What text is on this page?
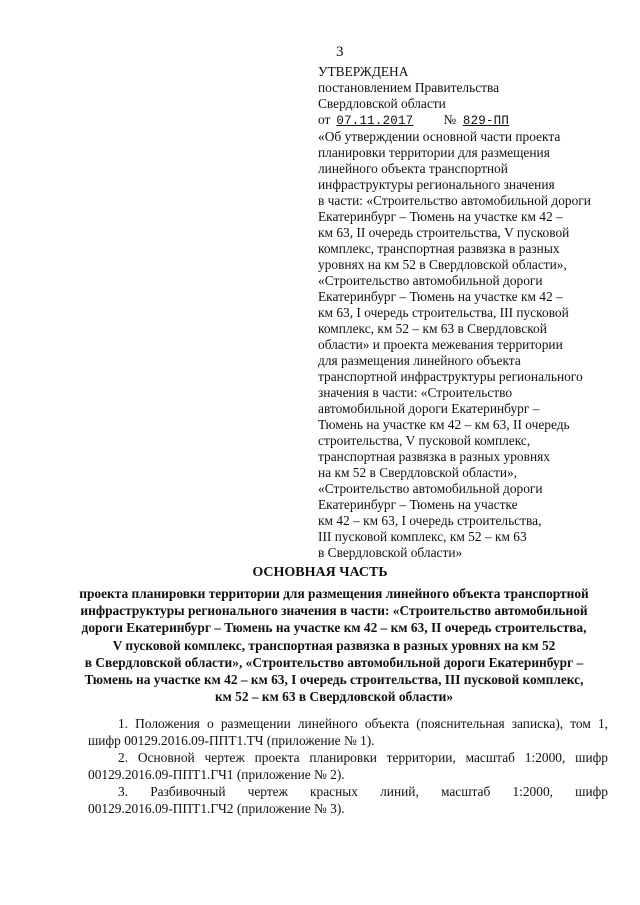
3
УТВЕРЖДЕНА
постановлением Правительства
Свердловской области
от 07.11.2017 № 829-ПП
«Об утверждении основной части проекта
планировки территории для размещения
линейного объекта транспортной
инфраструктуры регионального значения
в части: «Строительство автомобильной дороги
Екатеринбург – Тюмень на участке км 42 –
км 63, II очередь строительства, V пусковой
комплекс, транспортная развязка в разных
уровнях на км 52 в Свердловской области»,
«Строительство автомобильной дороги
Екатеринбург – Тюмень на участке км 42 –
км 63, I очередь строительства, III пусковой
комплекс, км 52 – км 63 в Свердловской
области» и проекта межевания территории
для размещения линейного объекта
транспортной инфраструктуры регионального
значения в части: «Строительство
автомобильной дороги Екатеринбург –
Тюмень на участке км 42 – км 63, II очередь
строительства, V пусковой комплекс,
транспортная развязка в разных уровнях
на км 52 в Свердловской области»,
«Строительство автомобильной дороги
Екатеринбург – Тюмень на участке
км 42 – км 63, I очередь строительства,
III пусковой комплекс, км 52 – км 63
в Свердловской области»
ОСНОВНАЯ ЧАСТЬ
проекта планировки территории для размещения линейного объекта транспортной
инфраструктуры регионального значения в части: «Строительство автомобильной
дороги Екатеринбург – Тюмень на участке км 42 – км 63, II очередь строительства,
V пусковой комплекс, транспортная развязка в разных уровнях на км 52
в Свердловской области», «Строительство автомобильной дороги Екатеринбург –
Тюмень на участке км 42 – км 63, I очередь строительства, III пусковой комплекс,
км 52 – км 63 в Свердловской области»
1. Положения о размещении линейного объекта (пояснительная записка), том 1,
шифр 00129.2016.09-ППТ1.ТЧ (приложение № 1).
2. Основной чертеж проекта планировки территории, масштаб 1:2000, шифр
00129.2016.09-ППТ1.ГЧ1 (приложение № 2).
3. Разбивочный чертеж красных линий, масштаб 1:2000, шифр
00129.2016.09-ППТ1.ГЧ2 (приложение № 3).
